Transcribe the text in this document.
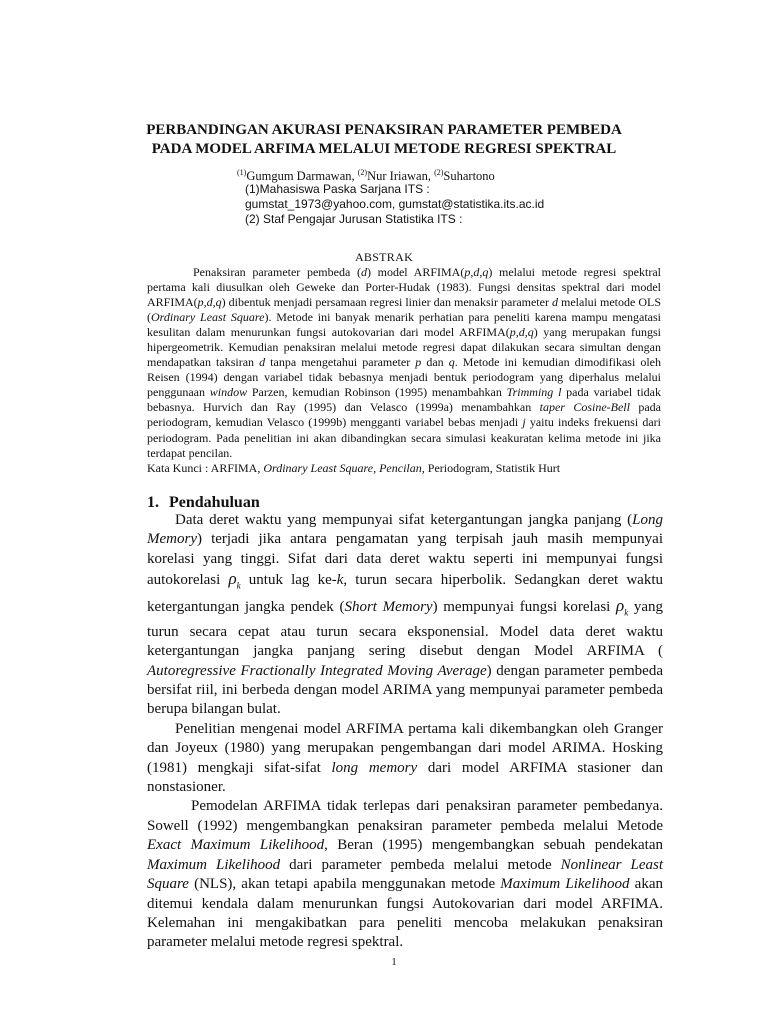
PERBANDINGAN AKURASI PENAKSIRAN PARAMETER PEMBEDA
PADA MODEL ARFIMA MELALUI METODE REGRESI SPEKTRAL
$^{(1)}$Gumgum Darmawan, $^{(2)}$Nur Iriawan, $^{(2)}$Suhartono
(1)Mahasiswa Paska Sarjana ITS :
gumstat_1973@yahoo.com, gumstat@statistika.its.ac.id
(2) Staf Pengajar Jurusan Statistika ITS :
ABSTRAK

Penaksiran parameter pembeda (d) model ARFIMA(p,d,q) melalui metode regresi spektral pertama kali diusulkan oleh Geweke dan Porter-Hudak (1983). Fungsi densitas spektral dari model ARFIMA(p,d,q) dibentuk menjadi persamaan regresi linier dan menaksir parameter d melalui metode OLS (Ordinary Least Square). Metode ini banyak menarik perhatian para peneliti karena mampu mengatasi kesulitan dalam menurunkan fungsi autokovarian dari model ARFIMA(p,d,q) yang merupakan fungsi hipergeometrik. Kemudian penaksiran melalui metode regresi dapat dilakukan secara simultan dengan mendapatkan taksiran d tanpa mengetahui parameter p dan q. Metode ini kemudian dimodifikasi oleh Reisen (1994) dengan variabel tidak bebasnya menjadi bentuk periodogram yang diperhalus melalui penggunaan window Parzen, kemudian Robinson (1995) menambahkan Trimming l pada variabel tidak bebasnya. Hurvich dan Ray (1995) dan Velasco (1999a) menambahkan taper Cosine-Bell pada periodogram, kemudian Velasco (1999b) mengganti variabel bebas menjadi j yaitu indeks frekuensi dari periodogram. Pada penelitian ini akan dibandingkan secara simulasi keakuratan kelima metode ini jika terdapat pencilan.

Kata Kunci : ARFIMA, Ordinary Least Square, Pencilan, Periodogram, Statistik Hurt
1. Pendahuluan

Data deret waktu yang mempunyai sifat ketergantungan jangka panjang (Long Memory) terjadi jika antara pengamatan yang terpisah jauh masih mempunyai korelasi yang tinggi. Sifat dari data deret waktu seperti ini mempunyai fungsi autokorelasi $\rho_k$ untuk lag ke-k, turun secara hiperbolik. Sedangkan deret waktu ketergantungan jangka pendek (Short Memory) mempunyai fungsi korelasi $\rho_k$ yang turun secara cepat atau turun secara eksponensial. Model data deret waktu ketergantungan jangka panjang sering disebut dengan Model ARFIMA ( Autoregressive Fractionally Integrated Moving Average) dengan parameter pembeda bersifat riil, ini berbeda dengan model ARIMA yang mempunyai parameter pembeda berupa bilangan bulat.

Penelitian mengenai model ARFIMA pertama kali dikembangkan oleh Granger dan Joyeux (1980) yang merupakan pengembangan dari model ARIMA. Hosking (1981) mengkaji sifat-sifat long memory dari model ARFIMA stasioner dan nonstasioner.

Pemodelan ARFIMA tidak terlepas dari penaksiran parameter pembedanya. Sowell (1992) mengembangkan penaksiran parameter pembeda melalui Metode Exact Maximum Likelihood, Beran (1995) mengembangkan sebuah pendekatan Maximum Likelihood dari parameter pembeda melalui metode Nonlinear Least Square (NLS), akan tetapi apabila menggunakan metode Maximum Likelihood akan ditemui kendala dalam menurunkan fungsi Autokovarian dari model ARFIMA. Kelemahan ini mengakibatkan para peneliti mencoba melakukan penaksiran parameter melalui metode regresi spektral.

1
